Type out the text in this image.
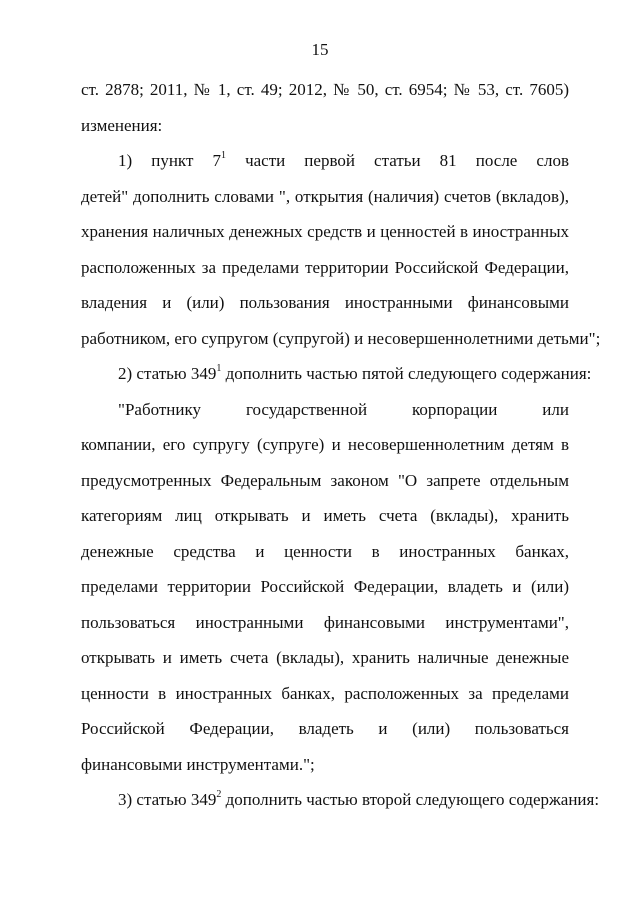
15
ст. 2878; 2011, № 1, ст. 49; 2012, № 50, ст. 6954; № 53, ст. 7605)
изменения:
1) пункт $7^1$ части первой статьи 81 после слов
детей" дополнить словами ", открытия (наличия) счетов (вкладов),
хранения наличных денежных средств и ценностей в иностранных
расположенных за пределами территории Российской Федерации,
владения и (или) пользования иностранными финансовыми
работником, его супругом (супругой) и несовершеннолетними детьми";
2) статью $349^1$ дополнить частью пятой следующего содержания:
"Работнику государственной корпорации или
компании, его супругу (супруге) и несовершеннолетним детям в
предусмотренных Федеральным законом "О запрете отдельным
категориям лиц открывать и иметь счета (вклады), хранить
денежные средства и ценности в иностранных банках,
пределами территории Российской Федерации, владеть и (или)
пользоваться иностранными финансовыми инструментами",
открывать и иметь счета (вклады), хранить наличные денежные
ценности в иностранных банках, расположенных за пределами
Российской Федерации, владеть и (или) пользоваться
финансовыми инструментами.";
3) статью $349^2$ дополнить частью второй следующего содержания:
